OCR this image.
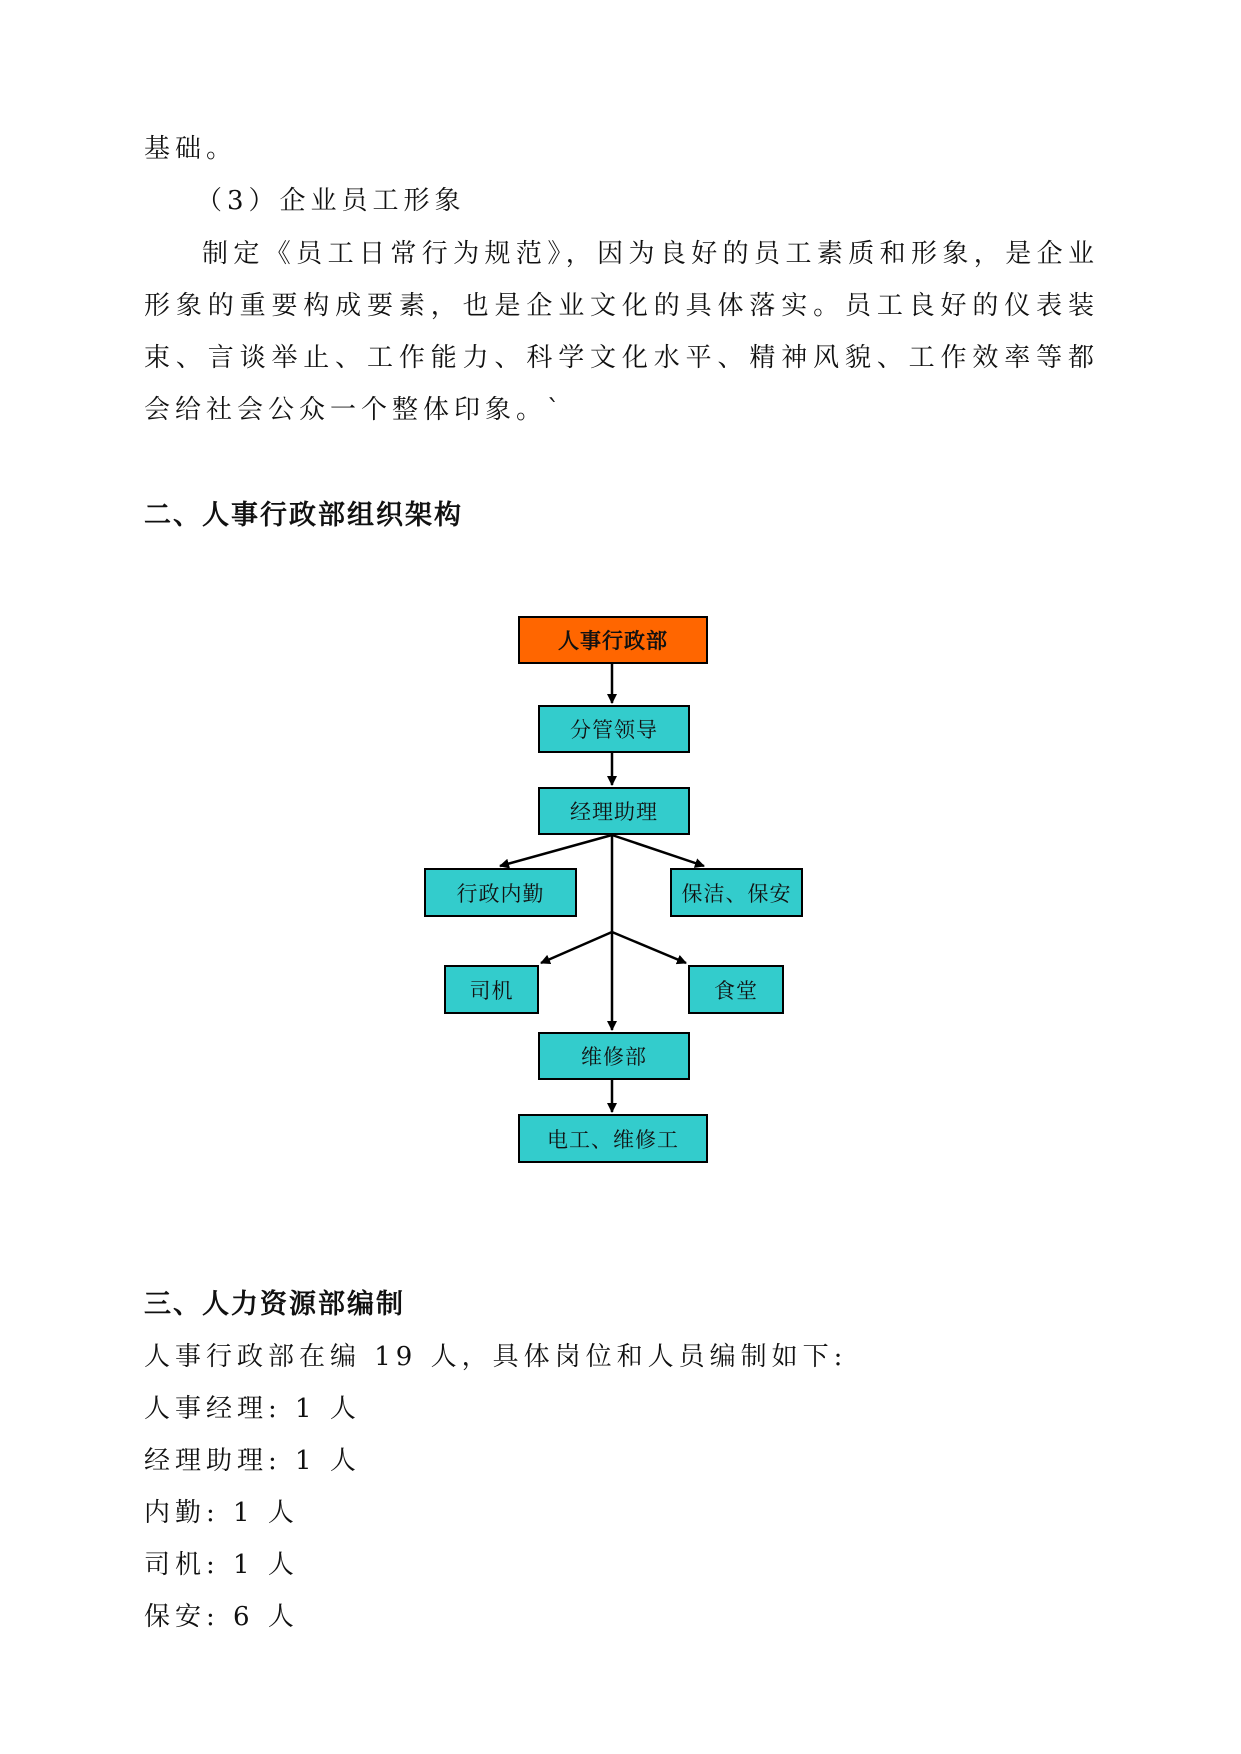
基础。
（3）企业员工形象
制定《员工日常行为规范》，因为良好的员工素质和形象，是企业形象的重要构成要素，也是企业文化的具体落实。员工良好的仪表装束、言谈举止、工作能力、科学文化水平、精神风貌、工作效率等都会给社会公众一个整体印象。`
二、人事行政部组织架构
人事行政部
分管领导
经理助理
行政内勤	保洁、保安
司机	食堂
维修部
电工、维修工
三、人力资源部编制
人事行政部在编 19 人，具体岗位和人员编制如下:
人事经理: 1 人
经理助理: 1 人
内勤: 1 人
司机: 1 人
保安: 6 人
